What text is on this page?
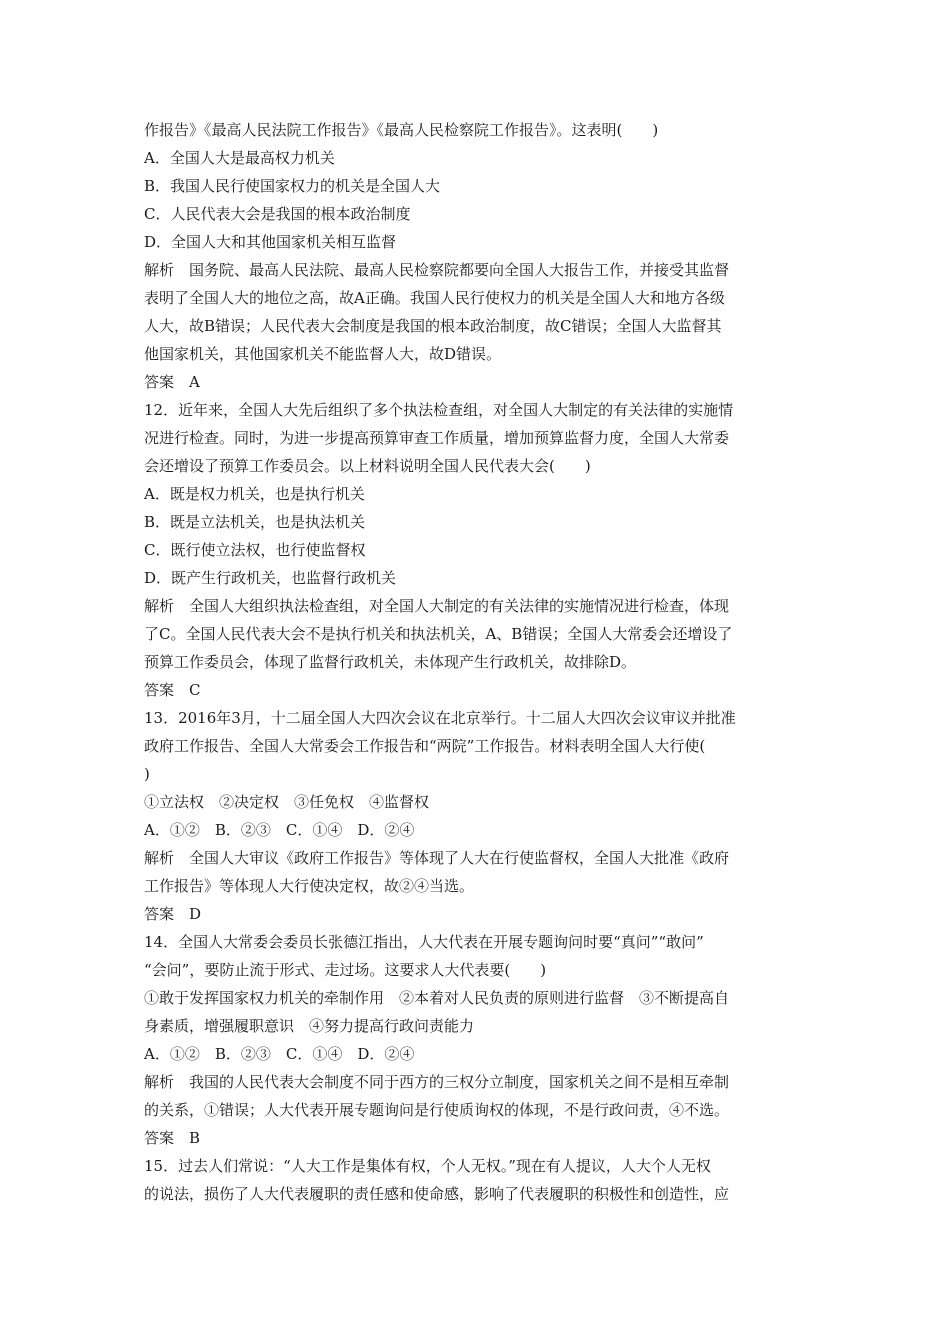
作报告》《最高人民法院工作报告》《最高人民检察院工作报告》。这表明(　　)
A．全国人大是最高权力机关
B．我国人民行使国家权力的机关是全国人大
C．人民代表大会是我国的根本政治制度
D．全国人大和其他国家机关相互监督
解析　国务院、最高人民法院、最高人民检察院都要向全国人大报告工作，并接受其监督
表明了全国人大的地位之高，故A正确。我国人民行使权力的机关是全国人大和地方各级
人大，故B错误；人民代表大会制度是我国的根本政治制度，故C错误；全国人大监督其
他国家机关，其他国家机关不能监督人大，故D错误。
答案　A
12．近年来，全国人大先后组织了多个执法检查组，对全国人大制定的有关法律的实施情
况进行检查。同时，为进一步提高预算审查工作质量，增加预算监督力度，全国人大常委
会还增设了预算工作委员会。以上材料说明全国人民代表大会(　　)
A．既是权力机关，也是执行机关
B．既是立法机关，也是执法机关
C．既行使立法权，也行使监督权
D．既产生行政机关，也监督行政机关
解析　全国人大组织执法检查组，对全国人大制定的有关法律的实施情况进行检查，体现
了C。全国人民代表大会不是执行机关和执法机关，A、B错误；全国人大常委会还增设了
预算工作委员会，体现了监督行政机关，未体现产生行政机关，故排除D。
答案　C
13．2016年3月，十二届全国人大四次会议在北京举行。十二届人大四次会议审议并批准
政府工作报告、全国人大常委会工作报告和“两院”工作报告。材料表明全国人大行使(
)
①立法权　②决定权　③任免权　④监督权
A．①②　B．②③　C．①④　D．②④
解析　全国人大审议《政府工作报告》等体现了人大在行使监督权，全国人大批准《政府
工作报告》等体现人大行使决定权，故②④当选。
答案　D
14．全国人大常委会委员长张德江指出，人大代表在开展专题询问时要“真问”“敢问”
“会问”，要防止流于形式、走过场。这要求人大代表要(　　)
①敢于发挥国家权力机关的牵制作用　②本着对人民负责的原则进行监督　③不断提高自
身素质，增强履职意识　④努力提高行政问责能力
A．①②　B．②③　C．①④　D．②④
解析　我国的人民代表大会制度不同于西方的三权分立制度，国家机关之间不是相互牵制
的关系，①错误；人大代表开展专题询问是行使质询权的体现，不是行政问责，④不选。
答案　B
15．过去人们常说：“人大工作是集体有权，个人无权。”现在有人提议，人大个人无权
的说法，损伤了人大代表履职的责任感和使命感，影响了代表履职的积极性和创造性，应
